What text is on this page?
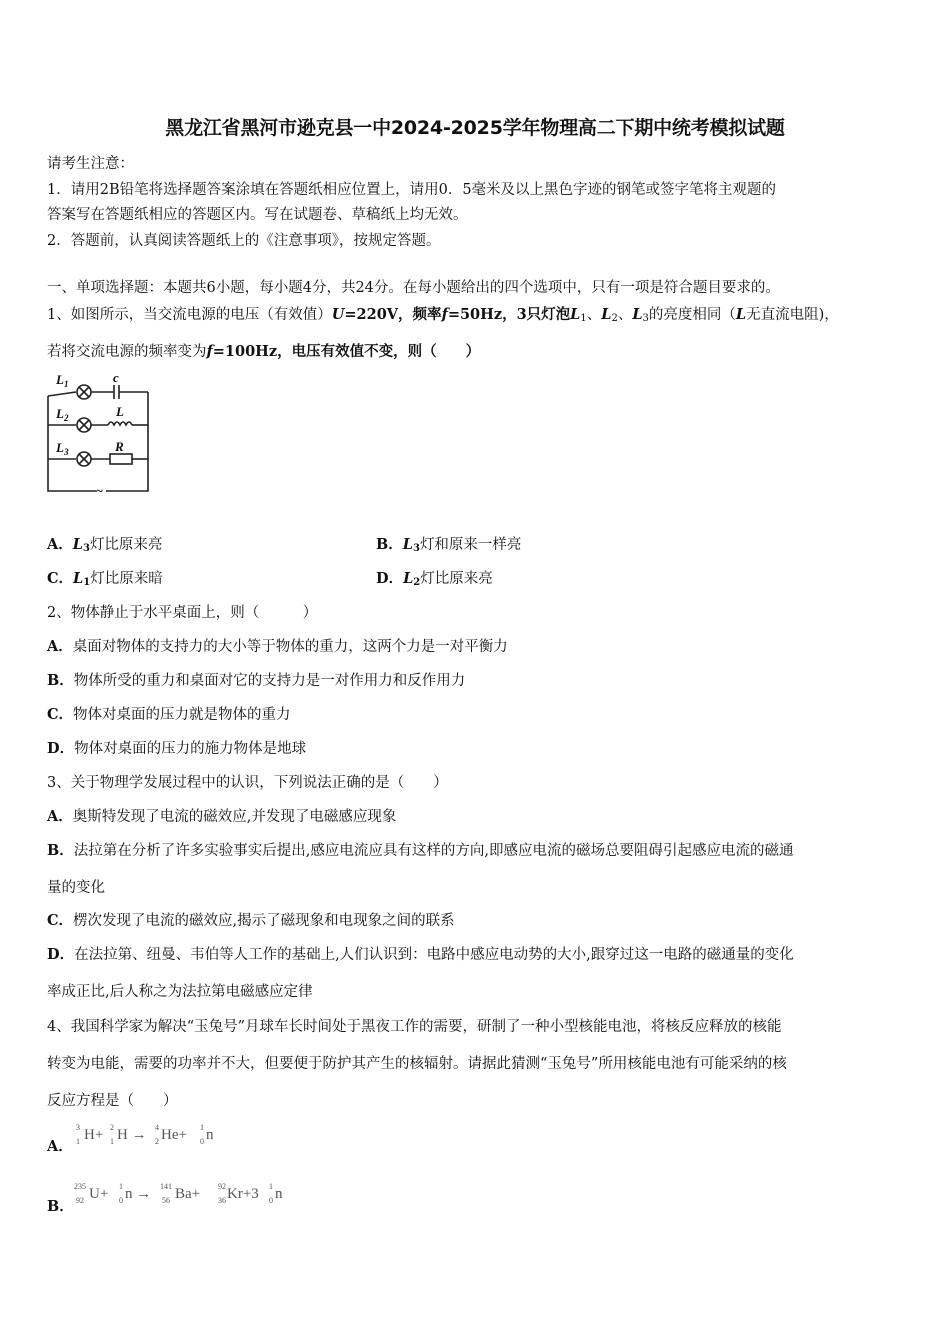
黑龙江省黑河市逊克县一中2024-2025学年物理高二下期中统考模拟试题
请考生注意：
1．请用2B铅笔将选择题答案涂填在答题纸相应位置上，请用0．5毫米及以上黑色字迹的钢笔或签字笔将主观题的
答案写在答题纸相应的答题区内。写在试题卷、草稿纸上均无效。
2．答题前，认真阅读答题纸上的《注意事项》，按规定答题。
一、单项选择题：本题共6小题，每小题4分，共24分。在每小题给出的四个选项中，只有一项是符合题目要求的。
1、如图所示，当交流电源的电压（有效值）U=220V，频率f=50Hz，3只灯泡$L_1$、$L_2$、$L_3$的亮度相同（L无直流电阻)，
若将交流电源的频率变为f=100Hz，电压有效值不变，则（　　）
$L_1$	c
$L_2$	L
$L_3$	R
~
A．$L_3$灯比原来亮	B．$L_3$灯和原来一样亮
C．$L_1$灯比原来暗	D．$L_2$灯比原来亮
2、物体静止于水平桌面上，则（　　　）
A．桌面对物体的支持力的大小等于物体的重力，这两个力是一对平衡力
B．物体所受的重力和桌面对它的支持力是一对作用力和反作用力
C．物体对桌面的压力就是物体的重力
D．物体对桌面的压力的施力物体是地球
3、关于物理学发展过程中的认识，下列说法正确的是（　　）
A．奥斯特发现了电流的磁效应,并发现了电磁感应现象
B．法拉第在分析了许多实验事实后提出,感应电流应具有这样的方向,即感应电流的磁场总要阻碍引起感应电流的磁通
量的变化
C．楞次发现了电流的磁效应,揭示了磁现象和电现象之间的联系
D．在法拉第、纽曼、韦伯等人工作的基础上,人们认识到：电路中感应电动势的大小,跟穿过这一电路的磁通量的变化
率成正比,后人称之为法拉第电磁感应定律
4、我国科学家为解决“玉兔号”月球车长时间处于黑夜工作的需要，研制了一种小型核能电池，将核反应释放的核能
转变为电能，需要的功率并不大，但要便于防护其产生的核辐射。请据此猜测“玉兔号”所用核能电池有可能采纳的核
反应方程是（　　）
A．
3
1 H+ 2
1 H → 4
2 He+ 1
0 n
B．
235
92 U+ 1
0 n → 141
56 Ba+ 92
36 Kr+3 1
0 n
